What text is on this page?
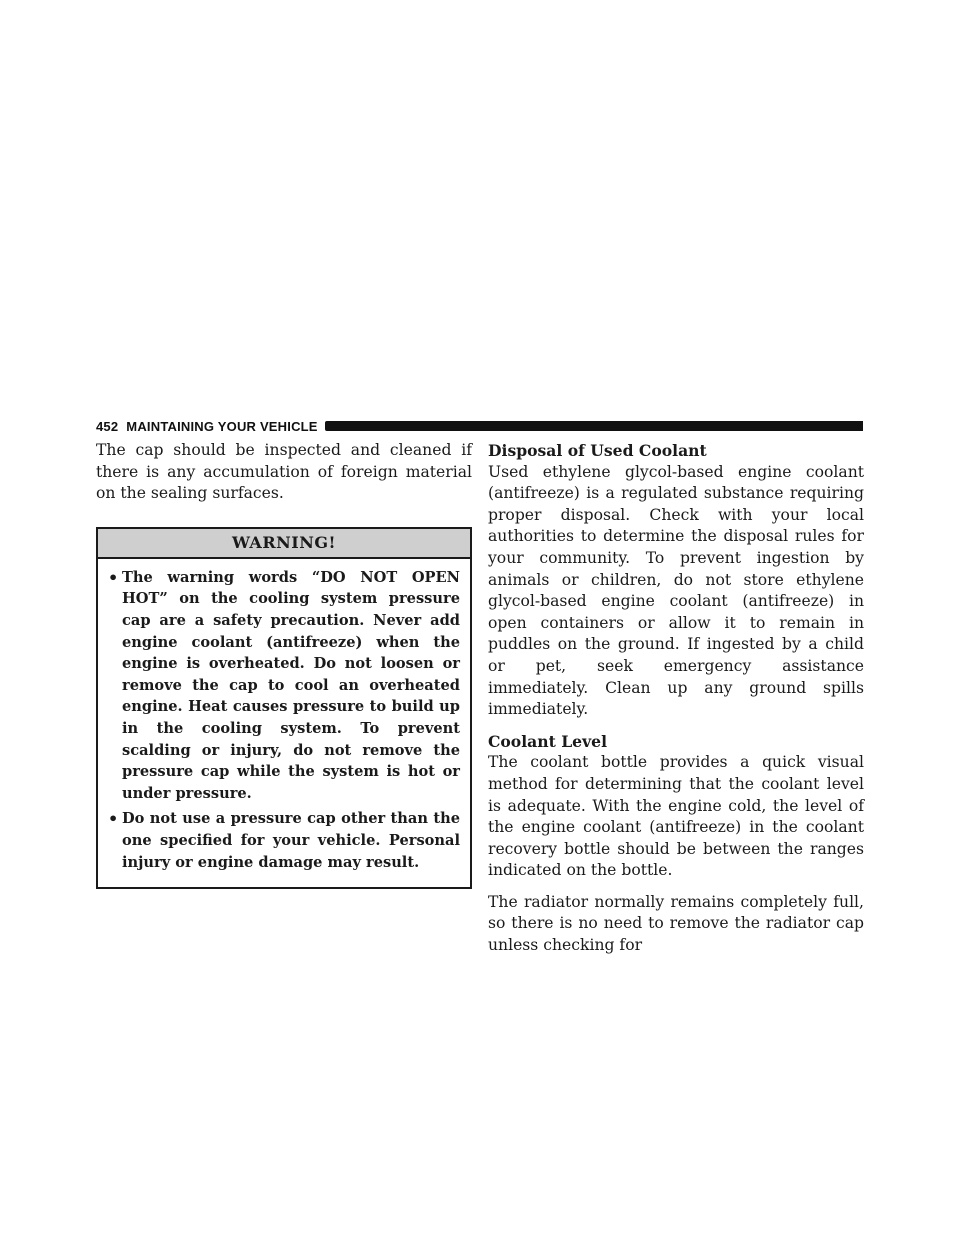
452 MAINTAINING YOUR VEHICLE

The cap should be inspected and cleaned if there is any accumulation of foreign material on the sealing surfaces.

WARNING!
• The warning words “DO NOT OPEN HOT” on the cooling system pressure cap are a safety precaution. Never add engine coolant (antifreeze) when the engine is overheated. Do not loosen or remove the cap to cool an overheated engine. Heat causes pressure to build up in the cooling system. To prevent scalding or injury, do not remove the pressure cap while the system is hot or under pressure.
• Do not use a pressure cap other than the one specified for your vehicle. Personal injury or engine damage may result.
Disposal of Used Coolant

Used ethylene glycol-based engine coolant (antifreeze) is a regulated substance requiring proper disposal. Check with your local authorities to determine the disposal rules for your community. To prevent ingestion by animals or children, do not store ethylene glycol-based engine coolant (antifreeze) in open containers or allow it to remain in puddles on the ground. If ingested by a child or pet, seek emergency assistance immediately. Clean up any ground spills immediately.

Coolant Level

The coolant bottle provides a quick visual method for determining that the coolant level is adequate. With the engine cold, the level of the engine coolant (antifreeze) in the coolant recovery bottle should be between the ranges indicated on the bottle.

The radiator normally remains completely full, so there is no need to remove the radiator cap unless checking for
